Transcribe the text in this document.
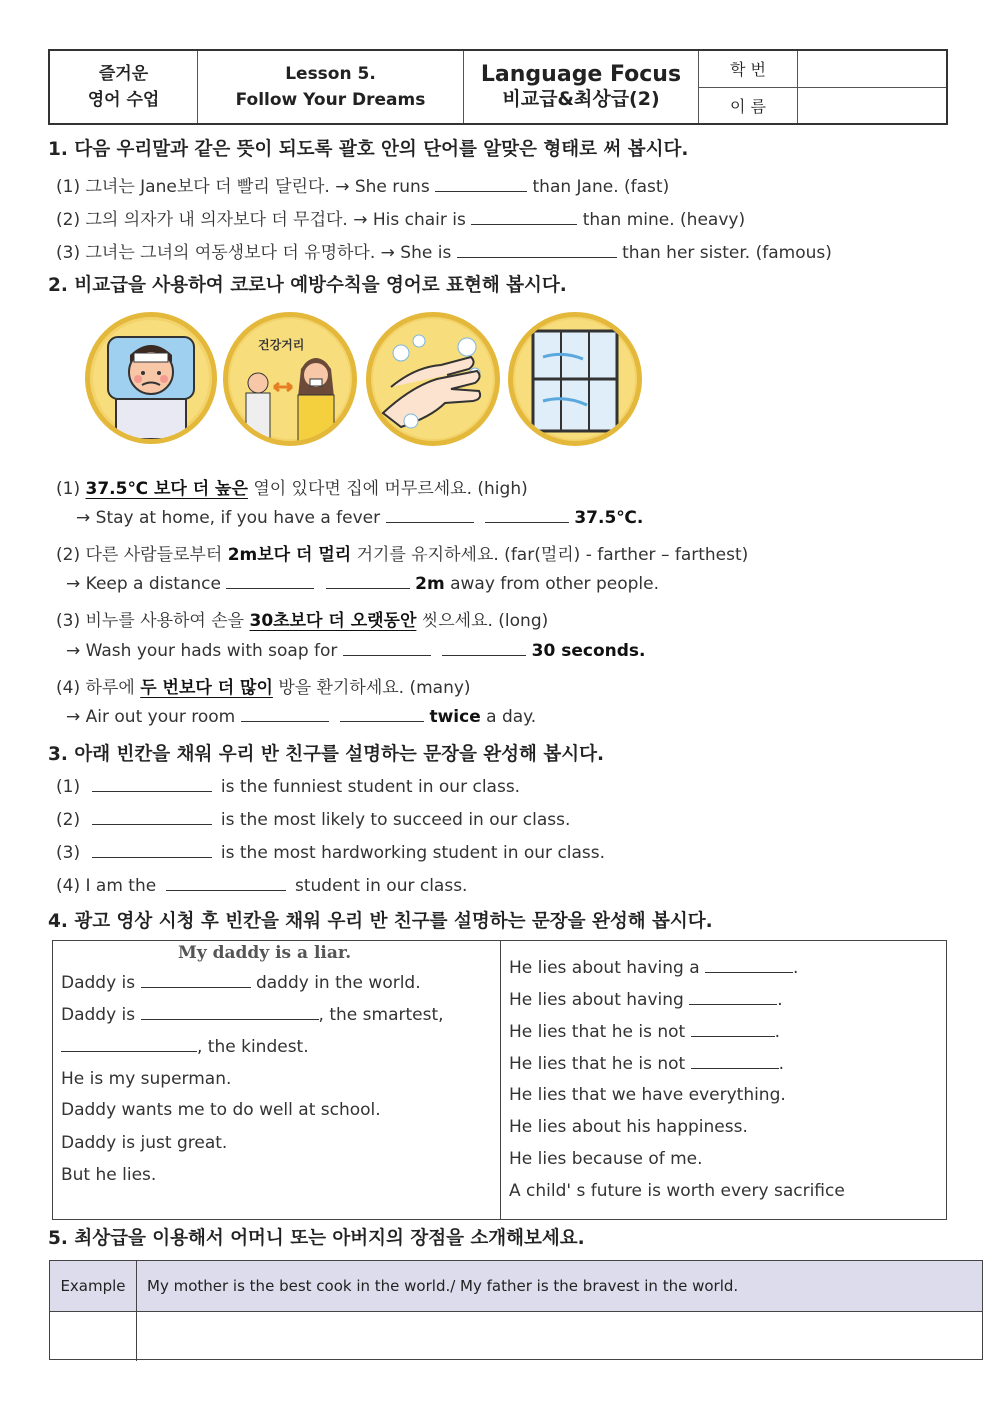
즐거운
영어 수업
Lesson 5.
Follow Your Dreams
Language Focus
비교급&최상급(2)
학 번
이 름
1. 다음 우리말과 같은 뜻이 되도록 괄호 안의 단어를 알맞은 형태로 써 봅시다.
(1) 그녀는 Jane보다 더 빨리 달린다. → She runs	than Jane. (fast)
(2) 그의 의자가 내 의자보다 더 무겁다. → His chair is	than mine. (heavy)
(3) 그녀는 그녀의 여동생보다 더 유명하다. → She is	than her sister. (famous)
2. 비교급을 사용하여 코로나 예방수칙을 영어로 표현해 봅시다.
건강거리
(1) 37.5℃ 보다 더 높은 열이 있다면 집에 머무르세요. (high)
→ Stay at home, if you have a fever	37.5℃.
(2) 다른 사람들로부터 2m보다 더 멀리 거기를 유지하세요. (far(멀리) - farther – farthest)
→ Keep a distance	2m away from other people.
(3) 비누를 사용하여 손을 30초보다 더 오랫동안 씻으세요. (long)
→ Wash your hads with soap for	30 seconds.
(4) 하루에 두 번보다 더 많이 방을 환기하세요. (many)
→ Air out your room	twice a day.
3. 아래 빈칸을 채워 우리 반 친구를 설명하는 문장을 완성해 봅시다.
(1)	is the funniest student in our class.
(2)	is the most likely to succeed in our class.
(3)	is the most hardworking student in our class.
(4) I am the	student in our class.
4. 광고 영상 시청 후 빈칸을 채워 우리 반 친구를 설명하는 문장을 완성해 봅시다.
My daddy is a liar.
Daddy is	daddy in the world.
Daddy is	, the smartest,
, the kindest.
He is my superman.
Daddy wants me to do well at school.
Daddy is just great.
But he lies.
He lies about having a	.
He lies about having	.
He lies that he is not	.
He lies that he is not	.
He lies that we have everything.
He lies about his happiness.
He lies because of me.
A child' s future is worth every sacrifice
5. 최상급을 이용해서 어머니 또는 아버지의 장점을 소개해보세요.
Example	My mother is the best cook in the world./ My father is the bravest in the world.
